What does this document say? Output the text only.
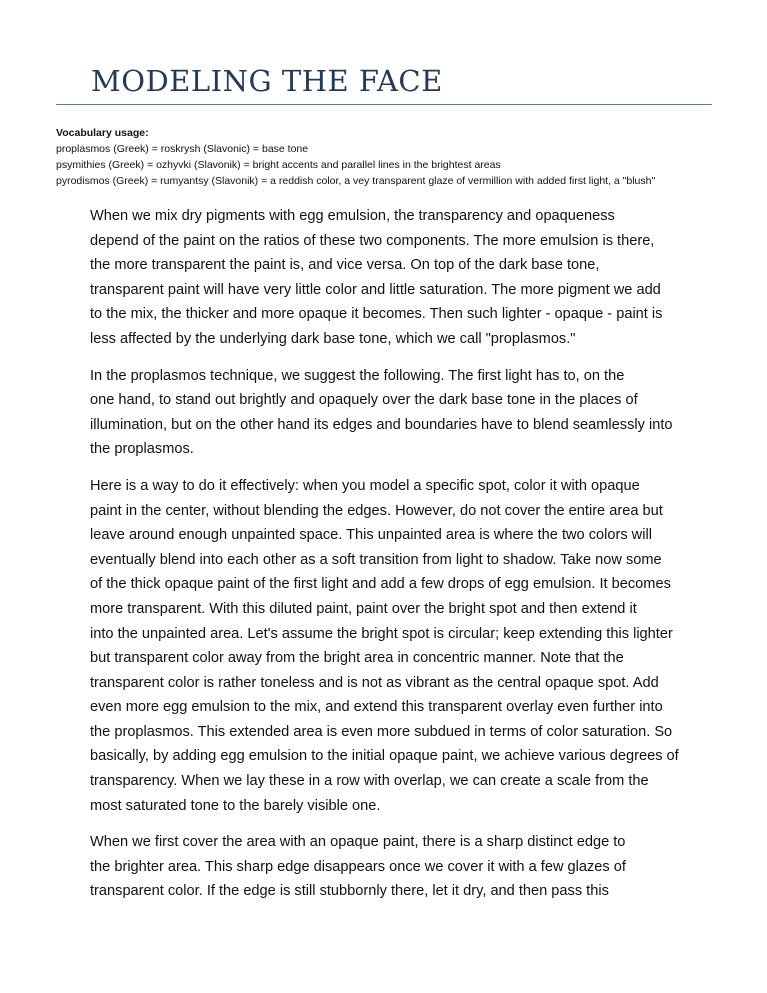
MODELING THE FACE
Vocabulary usage:
proplasmos (Greek) = roskrysh (Slavonic) = base tone
psymithies (Greek) = ozhyvki (Slavonik) = bright accents and parallel lines in the brightest areas
pyrodismos (Greek) = rumyantsy (Slavonik) = a reddish color, a vey transparent glaze of vermillion with added first light, a "blush"

When we mix dry pigments with egg emulsion, the transparency and opaqueness
depend of the paint on the ratios of these two components. The more emulsion is there,
the more transparent the paint is, and vice versa. On top of the dark base tone,
transparent paint will have very little color and little saturation. The more pigment we add
to the mix, the thicker and more opaque it becomes. Then such lighter - opaque - paint is
less affected by the underlying dark base tone, which we call "proplasmos."

In the proplasmos technique, we suggest the following. The first light has to, on the
one hand, to stand out brightly and opaquely over the dark base tone in the places of
illumination, but on the other hand its edges and boundaries have to blend seamlessly into
the proplasmos.

Here is a way to do it effectively: when you model a specific spot, color it with opaque
paint in the center, without blending the edges. However, do not cover the entire area but
leave around enough unpainted space. This unpainted area is where the two colors will
eventually blend into each other as a soft transition from light to shadow. Take now some
of the thick opaque paint of the first light and add a few drops of egg emulsion. It becomes
more transparent. With this diluted paint, paint over the bright spot and then extend it
into the unpainted area. Let's assume the bright spot is circular; keep extending this lighter
but transparent color away from the bright area in concentric manner. Note that the
transparent color is rather toneless and is not as vibrant as the central opaque spot. Add
even more egg emulsion to the mix, and extend this transparent overlay even further into
the proplasmos. This extended area is even more subdued in terms of color saturation. So
basically, by adding egg emulsion to the initial opaque paint, we achieve various degrees of
transparency. When we lay these in a row with overlap, we can create a scale from the
most saturated tone to the barely visible one.

When we first cover the area with an opaque paint, there is a sharp distinct edge to
the brighter area. This sharp edge disappears once we cover it with a few glazes of
transparent color. If the edge is still stubbornly there, let it dry, and then pass this
